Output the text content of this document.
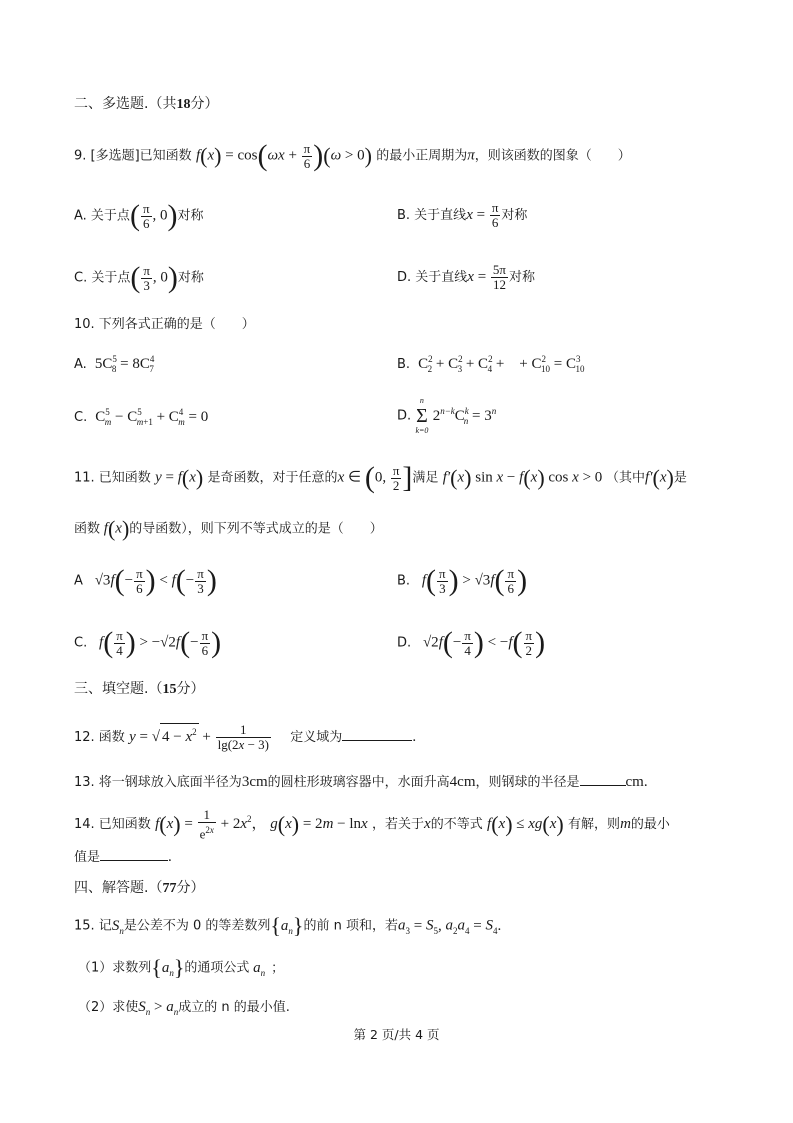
二、多选题.（共18分）
9. [多选题]已知函数 $f(x) = \cos(\omega x + \frac{\pi}{6} )(\omega > 0)$ 的最小正周期为π，则该函数的图象（　　）
A. 关于点( $\frac{\pi}{6}$ , 0)对称	B. 关于直线$x = \frac{\pi}{6}$ 对称
C. 关于点( $\frac{\pi}{3}$ , 0)对称	D. 关于直线$x = \frac{5\pi}{12}$ 对称
10. 下列各式正确的是（　　）
A.  $5C^5_8 = 8C^4_7$	B.  $C^2_2 + C^2_3 + C^2_4$ +    + $C^2_{10} = C^3_{10}$
C.  $C^5_m - C^5_{m+1} + C^4_m = 0$	D.
n
Σ
k=0
$2^{n-k}C^k_n = 3^n$
11. 已知函数 y = f(x) 是奇函数，对于任意的x ∈ (0, $\frac{\pi}{2}$ ]满足 f′(x) sin x − f(x) cos x > 0 （其中f′(x)是
函数 f(x)的导函数），则下列不等式成立的是（　　）
A   $√3f(- \frac{\pi}{6}$ ) < $f(- \frac{\pi}{3}$ )	B.   $f( \frac{\pi}{3}$ ) > $√3f( \frac{\pi}{6}$ )
C.   $f( \frac{\pi}{4}$ ) > $-√2f(- \frac{\pi}{6}$ )	D.   $√2f(- \frac{\pi}{4}$ ) < $-f( \frac{\pi}{2}$ )
三、填空题.（15分）
12. 函数 y = √ $4 - x^2 + \frac{1}{\lg(2x - 3)}$ 定义域为	.
13. 将一钢球放入底面半径为3cm的圆柱形玻璃容器中，水面升高4cm，则钢球的半径是	cm.
14. 已知函数 $f(x) = \frac{1}{e^{2x}} + 2x^2$， g(x) = 2m − lnx ，若关于x的不等式 f(x) ≤ xg(x) 有解，则m的最小
值是	.
四、解答题.（77分）
15. 记$S_n$是公差不为 0 的等差数列$\{a_n\}$的前 n 项和，若$a_3 = S_5$, $a_2a_4 = S_4$.
（1）求数列$\{a_n\}$的通项公式 $a_n$ ；
（2）求使$S_n > a_n$成立的 n 的最小值.
第 2 页/共 4 页
